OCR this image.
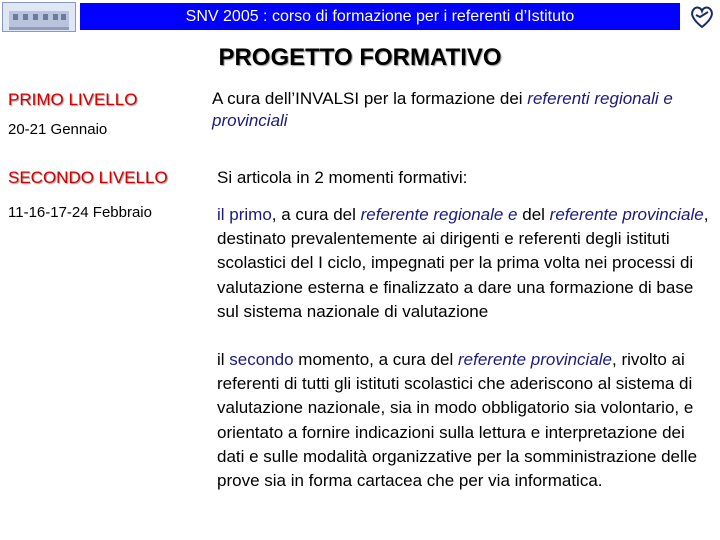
SNV 2005 : corso di formazione per i referenti d’Istituto
PROGETTO FORMATIVO
PRIMO LIVELLO
20-21 Gennaio
A cura dell’INVALSI per la formazione dei referenti regionali e provinciali
SECONDO LIVELLO	Si articola in 2 momenti formativi:
11-16-17-24 Febbraio	il primo, a cura del referente regionale e del referente provinciale, destinato prevalentemente ai dirigenti e referenti degli istituti scolastici del I ciclo, impegnati per la prima volta nei processi di valutazione esterna e finalizzato a dare una formazione di base sul sistema nazionale di valutazione
il secondo momento, a cura del referente provinciale, rivolto ai referenti di tutti gli istituti scolastici che aderiscono al sistema di valutazione nazionale, sia in modo obbligatorio sia volontario, e orientato a fornire indicazioni sulla lettura e interpretazione dei dati e sulle modalità organizzative per la somministrazione delle prove sia in forma cartacea che per via informatica.
